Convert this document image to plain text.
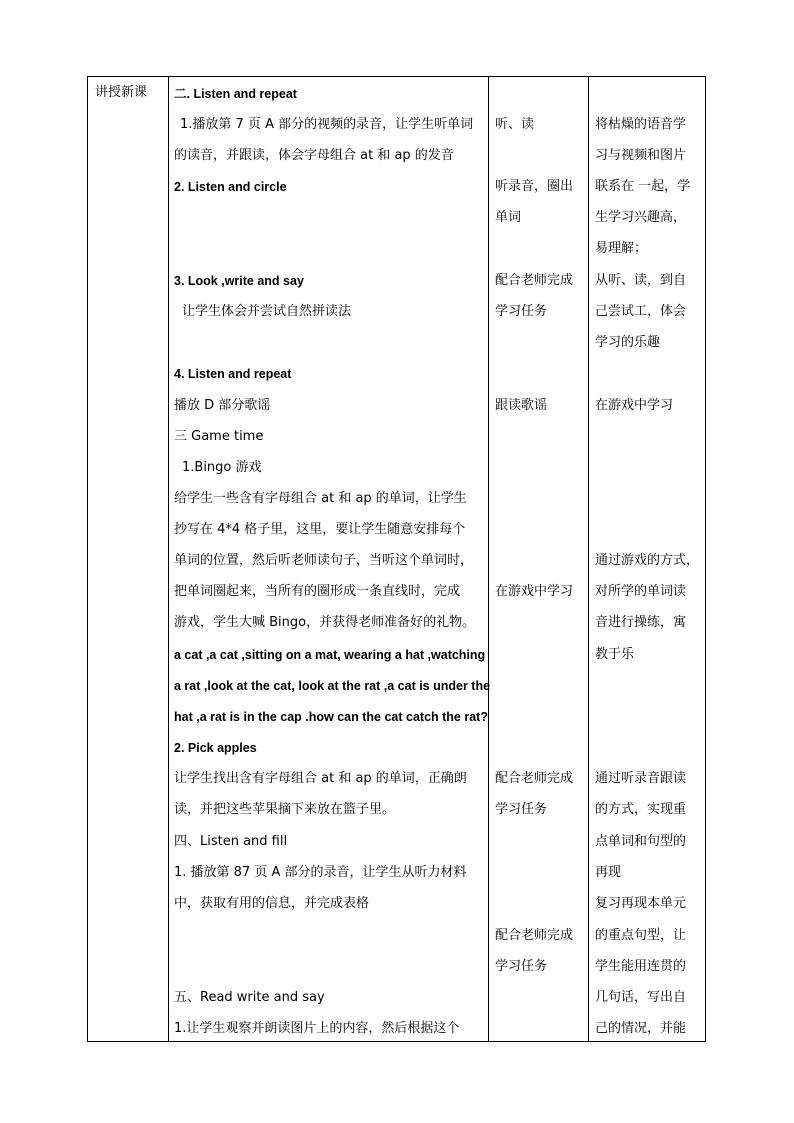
讲授新课 二. Listen and repeat
1.播放第 7 页 A 部分的视频的录音，让学生听单词
的读音，并跟读，体会字母组合 at 和 ap 的发音
2. Listen and circle
3. Look ,write and say
让学生体会并尝试自然拼读法
4. Listen and repeat
播放 D 部分歌谣
三 Game time
1.Bingo 游戏
给学生一些含有字母组合 at 和 ap 的单词，让学生
抄写在 4*4 格子里，这里，要让学生随意安排每个
单词的位置，然后听老师读句子，当听这个单词时，
把单词圈起来，当所有的圈形成一条直线时，完成
游戏，学生大喊 Bingo，并获得老师准备好的礼物。
a cat ,a cat ,sitting on a mat, wearing a hat ,watching
a rat ,look at the cat, look at the rat ,a cat is under the
hat ,a rat is in the cap .how can the cat catch the rat?
2. Pick apples
让学生找出含有字母组合 at 和 ap 的单词，正确朗
读，并把这些苹果摘下来放在篮子里。
四、Listen and fill
1. 播放第 87 页 A 部分的录音，让学生从听力材料
中，获取有用的信息，并完成表格
五、Read write and say
1.让学生观察并朗读图片上的内容，然后根据这个
听、读
听录音，圈出
单词
配合老师完成
学习任务
跟读歌谣
在游戏中学习
配合老师完成
学习任务
配合老师完成
学习任务
将枯燥的语音学
习与视频和图片
联系在 一起，学
生学习兴趣高，
易理解；
从听、读，到自
己尝试工，体会
学习的乐趣
在游戏中学习
通过游戏的方式，
对所学的单词读
音进行操练，寓
教于乐
通过听录音跟读
的方式，实现重
点单词和句型的
再现
复习再现本单元
的重点句型，让
学生能用连贯的
几句话，写出自
己的情况，并能
